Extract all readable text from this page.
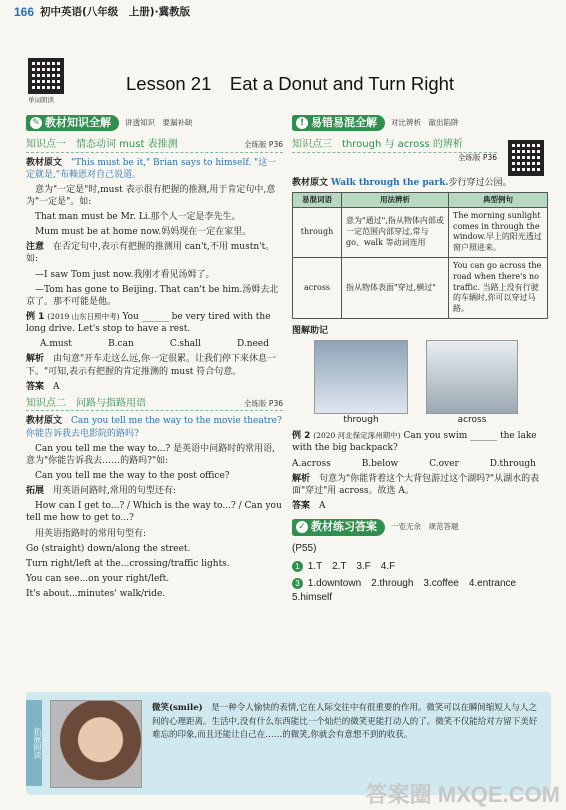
166 初中英语(八年级　上册)·冀教版
单词朗读
Lesson 21　Eat a Donut and Turn Right
✎ 教材知识全解 讲透知识　要漏补缺
知识点一　情态动词 must 表推测	全练版 P36

教材原文　 "This must be it," Brian says to himself. "这一定就是,"布赖恩对自己说道。

　意为"一定是"时,must 表示很有把握的推测,用于肯定句中,意为"一定是"。如:

　That man must be Mr. Li.那个人一定是李先生。

　Mum must be at home now.妈妈现在一定在家里。

注意　 在否定句中,表示有把握的推测用 can't,不用 mustn't。如:

　—I saw Tom just now.我刚才看见汤姆了。

　—Tom has gone to Beijing. That can't be him.汤姆去北京了。那不可能是他。

例 1 (2019 山东日照中考) You ______ be very tired with the long drive. Let's stop to have a rest.

A.must	B.can	C.shall	D.need

解析　 由句意"开车走这么远,你一定很累。让我们停下来休息一下。"可知,表示有把握的肯定推测的 must 符合句意。

答案　 A

知识点二　问路与指路用语	全练版 P36

教材原文　 Can you tell me the way to the movie theatre? 你能告诉我去电影院的路吗?

　Can you tell me the way to...? 是英语中问路时的常用语,意为"你能告诉我去……的路吗?"如:

　Can you tell me the way to the post office?

拓展　 用英语问路时,常用的句型还有:

　How can I get to...? / Which is the way to...? / Can you tell me how to get to...?

　用英语指路时的常用句型有:

Go (straight) down/along the street.

Turn right/left at the...crossing/traffic lights.

You can see...on your right/left.

It's about...minutes' walk/ride.

! 易错易混全解 对比辨析　澈出陷阱
知识点三　through 与 across 的辨析
全练版 P36

教材原文 Walk through the park.步行穿过公园。

易混词语	用法辨析	典型例句
through	意为"通过",指从物体内部或一定范围内部穿过,常与 go、walk 等动词连用	The morning sunlight comes in through the window.早上的阳光透过窗户照进来。
across	指从物体表面"穿过,横过"	You can go across the road when there's no traffic. 当路上没有行驶的车辆时,你可以穿过马路。

图解助记

through	across

例 2 (2020 河北保定涿州期中) Can you swim ______ the lake with the big backpack?

A.across	B.below	C.over	D.through

解析　 句意为"你能背着这个大背包游过这个湖吗?"从湖水的表面"穿过"用 across。故选 A。

答案　 A

✓ 教材练习答案 一览无余　规范答题

(P55)

1 1.T　 2.T　 3.F　 4.F

3 1.downtown　 2.through　 3.coffee　 4.entrance　5.himself

拓展阅读
微笑(smile)　 是一种令人愉快的表情,它在人际交往中有很重要的作用。微笑可以在瞬间缩短人与人之间的心理距离。生活中,没有什么东西能比一个灿烂的微笑更能打动人的了。微笑不仅能给对方留下美好难忘的印象,而且还能让自己在……的微笑,你就会有意想不到的收获。
答案圈 MXQE.COM
